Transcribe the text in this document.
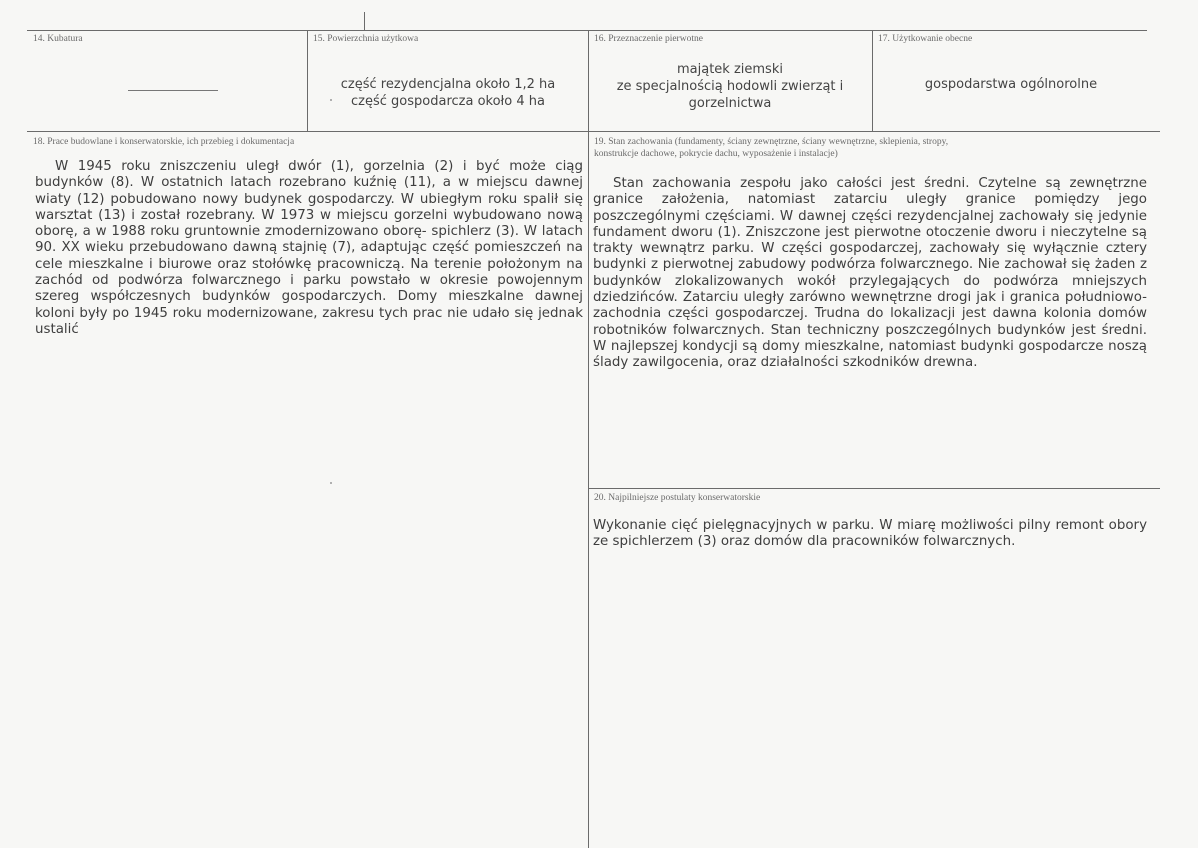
14. Kubatura	15. Powierzchnia użytkowa
część rezydencjalna około 1,2 ha
część gospodarcza około 4 ha
16. Przeznaczenie pierwotne
majątek ziemski
ze specjalnością hodowli zwierząt i
gorzelnictwa
17. Użytkowanie obecne
gospodarstwa ogólnorolne
18. Prace budowlane i konserwatorskie, ich przebieg i dokumentacja
W 1945 roku zniszczeniu uległ dwór (1), gorzelnia (2) i być może ciąg budynków (8). W ostatnich latach rozebrano kuźnię (11), a w miejscu dawnej wiaty (12) pobudowano nowy budynek gospodarczy. W ubiegłym roku spalił się warsztat (13) i został rozebrany. W 1973 w miejscu gorzelni wybudowano nową oborę, a w 1988 roku gruntownie zmodernizowano oborę- spichlerz (3). W latach 90. XX wieku przebudowano dawną stajnię (7), adaptując część pomieszczeń na cele mieszkalne i biurowe oraz stołówkę pracowniczą. Na terenie położonym na zachód od podwórza folwarcznego i parku powstało w okresie powojennym szereg współczesnych budynków gospodarczych. Domy mieszkalne dawnej koloni były po 1945 roku modernizowane, zakresu tych prac nie udało się jednak ustalić
19. Stan zachowania (fundamenty, ściany zewnętrzne, ściany wewnętrzne, sklepienia, stropy,
konstrukcje dachowe, pokrycie dachu, wyposażenie i instalacje)
Stan zachowania zespołu jako całości jest średni. Czytelne są zewnętrzne granice założenia, natomiast zatarciu uległy granice pomiędzy jego poszczególnymi częściami. W dawnej części rezydencjalnej zachowały się jedynie fundament dworu (1). Zniszczone jest pierwotne otoczenie dworu i nieczytelne są trakty wewnątrz parku. W części gospodarczej, zachowały się wyłącznie cztery budynki z pierwotnej zabudowy podwórza folwarcznego. Nie zachował się żaden z budynków zlokalizowanych wokół przylegających do podwórza mniejszych dziedzińców. Zatarciu uległy zarówno wewnętrzne drogi jak i granica południowo- zachodnia części gospodarczej. Trudna do lokalizacji jest dawna kolonia domów robotników folwarcznych. Stan techniczny poszczególnych budynków jest średni. W najlepszej kondycji są domy mieszkalne, natomiast budynki gospodarcze noszą ślady zawilgocenia, oraz działalności szkodników drewna.
20. Najpilniejsze postulaty konserwatorskie
Wykonanie cięć pielęgnacyjnych w parku. W miarę możliwości pilny remont obory ze spichlerzem (3) oraz domów dla pracowników folwarcznych.
